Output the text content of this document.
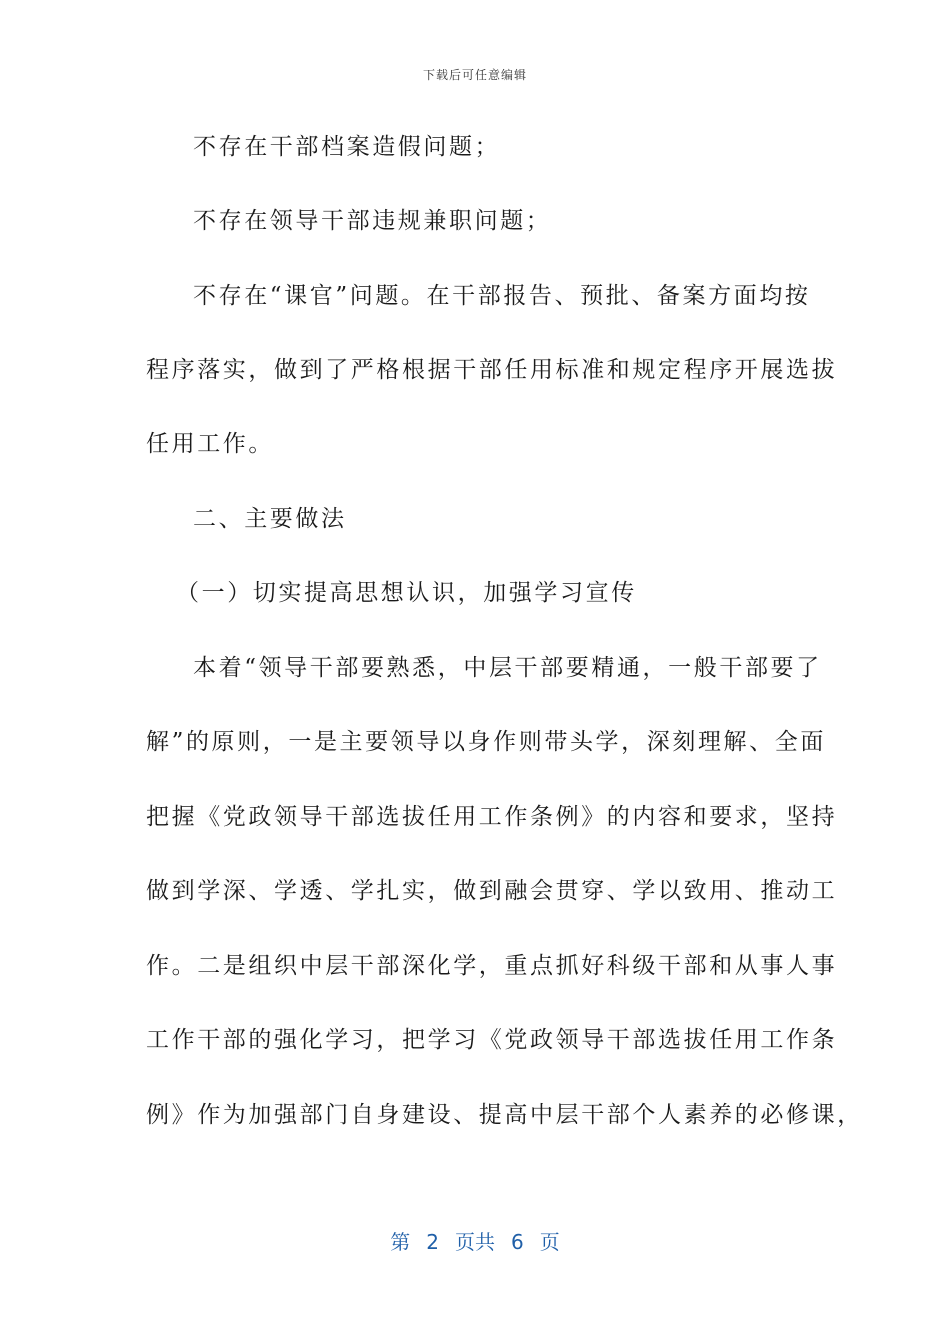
下载后可任意编辑
不存在干部档案造假问题；
不存在领导干部违规兼职问题；
不存在“课官”问题。在干部报告、预批、备案方面均按
程序落实，做到了严格根据干部任用标准和规定程序开展选拔
任用工作。
二、主要做法
（一）切实提高思想认识，加强学习宣传
本着“领导干部要熟悉，中层干部要精通，一般干部要了
解”的原则，一是主要领导以身作则带头学，深刻理解、全面
把握《党政领导干部选拔任用工作条例》的内容和要求，坚持
做到学深、学透、学扎实，做到融会贯穿、学以致用、推动工
作。二是组织中层干部深化学，重点抓好科级干部和从事人事
工作干部的强化学习，把学习《党政领导干部选拔任用工作条
例》作为加强部门自身建设、提高中层干部个人素养的必修课，
第 2 页共 6 页
